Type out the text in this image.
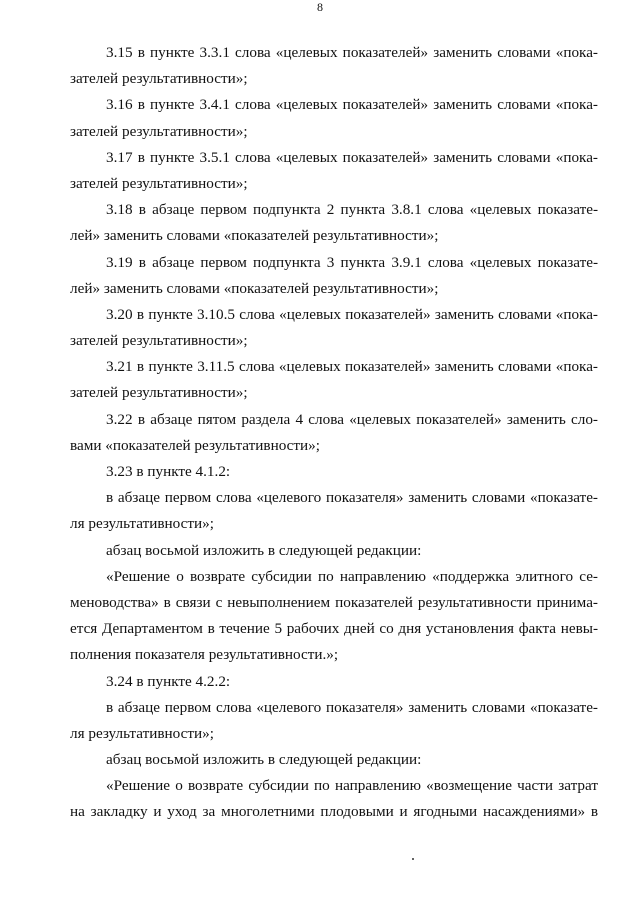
8
3.15 в пункте 3.3.1 слова «целевых показателей» заменить словами «пока-
зателей результативности»;
3.16 в пункте 3.4.1 слова «целевых показателей» заменить словами «пока-
зателей результативности»;
3.17 в пункте 3.5.1 слова «целевых показателей» заменить словами «пока-
зателей результативности»;
3.18 в абзаце первом подпункта 2 пункта 3.8.1 слова «целевых показате-
лей» заменить словами «показателей результативности»;
3.19 в абзаце первом подпункта 3 пункта 3.9.1 слова «целевых показате-
лей» заменить словами «показателей результативности»;
3.20 в пункте 3.10.5 слова «целевых показателей» заменить словами «пока-
зателей результативности»;
3.21 в пункте 3.11.5 слова «целевых показателей» заменить словами «пока-
зателей результативности»;
3.22 в абзаце пятом раздела 4 слова «целевых показателей» заменить сло-
вами «показателей результативности»;
3.23 в пункте 4.1.2:
в абзаце первом слова «целевого показателя» заменить словами «показате-
ля результативности»;
абзац восьмой изложить в следующей редакции:
«Решение о возврате субсидии по направлению «поддержка элитного се-
меноводства» в связи с невыполнением показателей результативности принима-
ется Департаментом в течение 5 рабочих дней со дня установления факта невы-
полнения показателя результативности.»;
3.24 в пункте 4.2.2:
в абзаце первом слова «целевого показателя» заменить словами «показате-
ля результативности»;
абзац восьмой изложить в следующей редакции:
«Решение о возврате субсидии по направлению «возмещение части затрат
на закладку и уход за многолетними плодовыми и ягодными насаждениями» в
